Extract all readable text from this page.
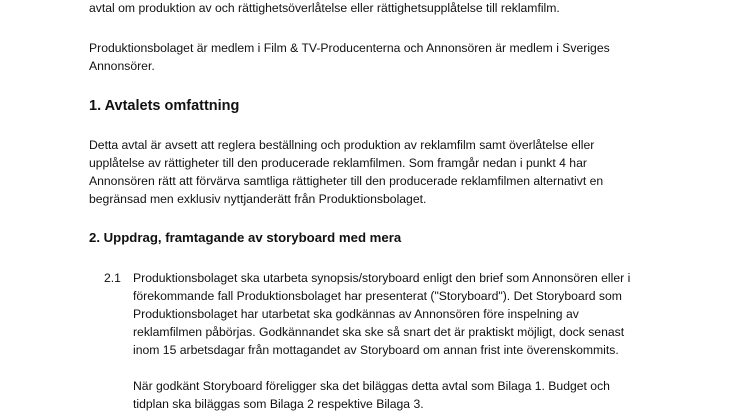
avtal om produktion av och rättighetsöverlåtelse eller rättighetsupplåtelse till reklamfilm.

Produktionsbolaget är medlem i Film & TV-Producenterna och Annonsören är medlem i Sveriges
Annonsörer.

1. Avtalets omfattning

Detta avtal är avsett att reglera beställning och produktion av reklamfilm samt överlåtelse eller
upplåtelse av rättigheter till den producerade reklamfilmen. Som framgår nedan i punkt 4 har
Annonsören rätt att förvärva samtliga rättigheter till den producerade reklamfilmen alternativt en
begränsad men exklusiv nyttjanderätt från Produktionsbolaget.

2. Uppdrag, framtagande av storyboard med mera

2.1 Produktionsbolaget ska utarbeta synopsis/storyboard enligt den brief som Annonsören eller i
förekommande fall Produktionsbolaget har presenterat ("Storyboard"). Det Storyboard som
Produktionsbolaget har utarbetat ska godkännas av Annonsören före inspelning av
reklamfilmen påbörjas. Godkännandet ska ske så snart det är praktiskt möjligt, dock senast
inom 15 arbetsdagar från mottagandet av Storyboard om annan frist inte överenskommits.

När godkänt Storyboard föreligger ska det biläggas detta avtal som Bilaga 1. Budget och
tidplan ska biläggas som Bilaga 2 respektive Bilaga 3.
